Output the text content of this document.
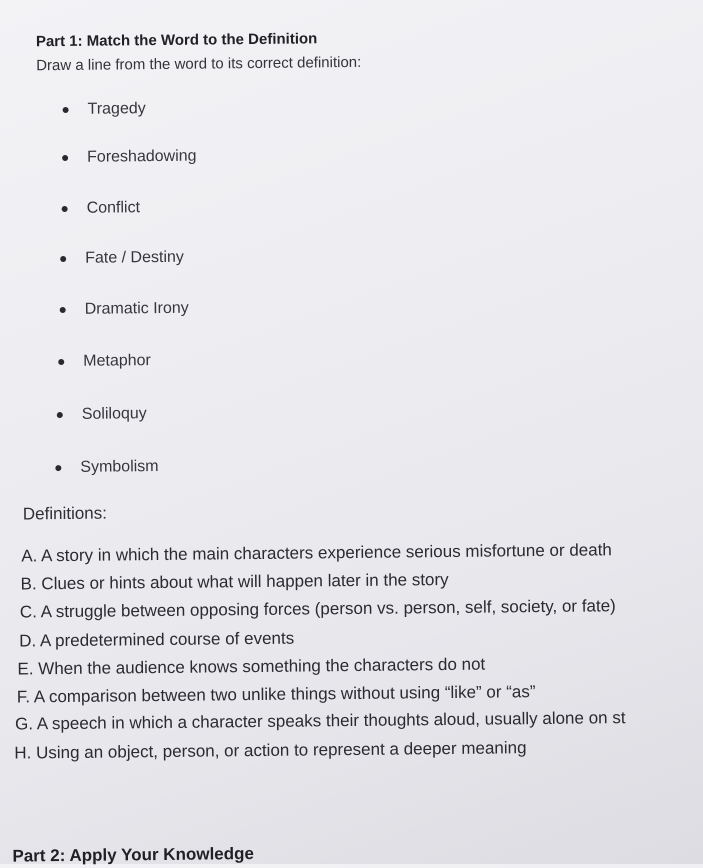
Part 1: Match the Word to the Definition
Draw a line from the word to its correct definition:
Tragedy
Foreshadowing
Conflict
Fate / Destiny
Dramatic Irony
Metaphor
Soliloquy
Symbolism
Definitions:
A. A story in which the main characters experience serious misfortune or death
B. Clues or hints about what will happen later in the story
C. A struggle between opposing forces (person vs. person, self, society, or fate)
D. A predetermined course of events
E. When the audience knows something the characters do not
F. A comparison between two unlike things without using “like” or “as”
G. A speech in which a character speaks their thoughts aloud, usually alone on st
H. Using an object, person, or action to represent a deeper meaning
Part 2: Apply Your Knowledge
